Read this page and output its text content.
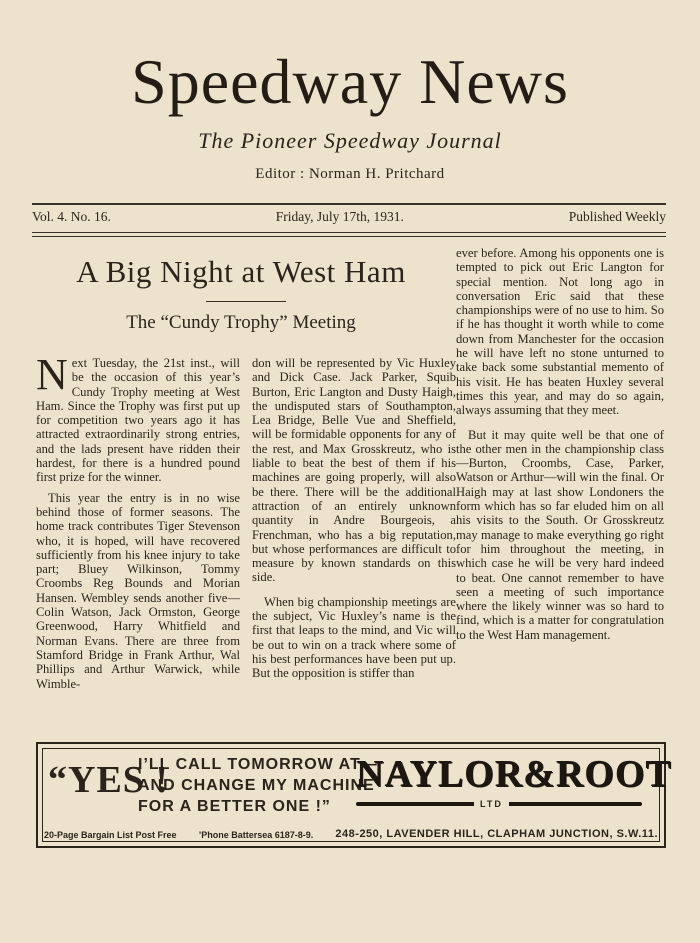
Speedway News
The Pioneer Speedway Journal
Editor : Norman H. Pritchard
Vol. 4. No. 16.	Friday, July 17th, 1931.	Published Weekly
A Big Night at West Ham
The “Cundy Trophy” Meeting

Next Tuesday, the 21st inst., will be the occasion of this year’s Cundy Trophy meeting at West Ham. Since the Trophy was first put up for competition two years ago it has attracted extraordinarily strong entries, and the lads present have ridden their hardest, for there is a hundred pound first prize for the winner.

This year the entry is in no wise behind those of former seasons. The home track contributes Tiger Stevenson who, it is hoped, will have recovered sufficiently from his knee injury to take part; Bluey Wilkinson, Tommy Croombs Reg Bounds and Morian Hansen. Wembley sends another five—Colin Watson, Jack Ormston, George Greenwood, Harry Whitfield and Norman Evans. There are three from Stamford Bridge in Frank Arthur, Wal Phillips and Arthur Warwick, while Wimble-

don will be represented by Vic Huxley and Dick Case. Jack Parker, Squib Burton, Eric Langton and Dusty Haigh, the undisputed stars of Southampton, Lea Bridge, Belle Vue and Sheffield, will be formidable opponents for any of the rest, and Max Grosskreutz, who is liable to beat the best of them if his machines are going properly, will also be there. There will be the additional attraction of an entirely unknown quantity in Andre Bourgeois, a Frenchman, who has a big reputation, but whose performances are difficult to measure by known standards on this side.

When big championship meetings are the subject, Vic Huxley’s name is the first that leaps to the mind, and Vic will be out to win on a track where some of his best performances have been put up. But the opposition is stiffer than

ever before. Among his opponents one is tempted to pick out Eric Langton for special mention. Not long ago in conversation Eric said that these championships were of no use to him. So if he has thought it worth while to come down from Manchester for the occasion he will have left no stone unturned to take back some substantial memento of his visit. He has beaten Huxley several times this year, and may do so again, always assuming that they meet.

But it may quite well be that one of the other men in the championship class—Burton, Croombs, Case, Parker, Watson or Arthur—will win the final. Or Haigh may at last show Londoners the form which has so far eluded him on all his visits to the South. Or Grosskreutz may manage to make everything go right for him throughout the meeting, in which case he will be very hard indeed to beat. One cannot remember to have seen a meeting of such importance where the likely winner was so hard to find, which is a matter for congratulation to the West Ham management.

“YES !
I’LL CALL TOMORROW AT—
AND CHANGE MY MACHINE
FOR A BETTER ONE !”
NAYLOR&ROOT
LTD
20-Page Bargain List Post Free ’Phone Battersea 6187-8-9. 248-250, LAVENDER HILL, CLAPHAM JUNCTION, S.W.11.
